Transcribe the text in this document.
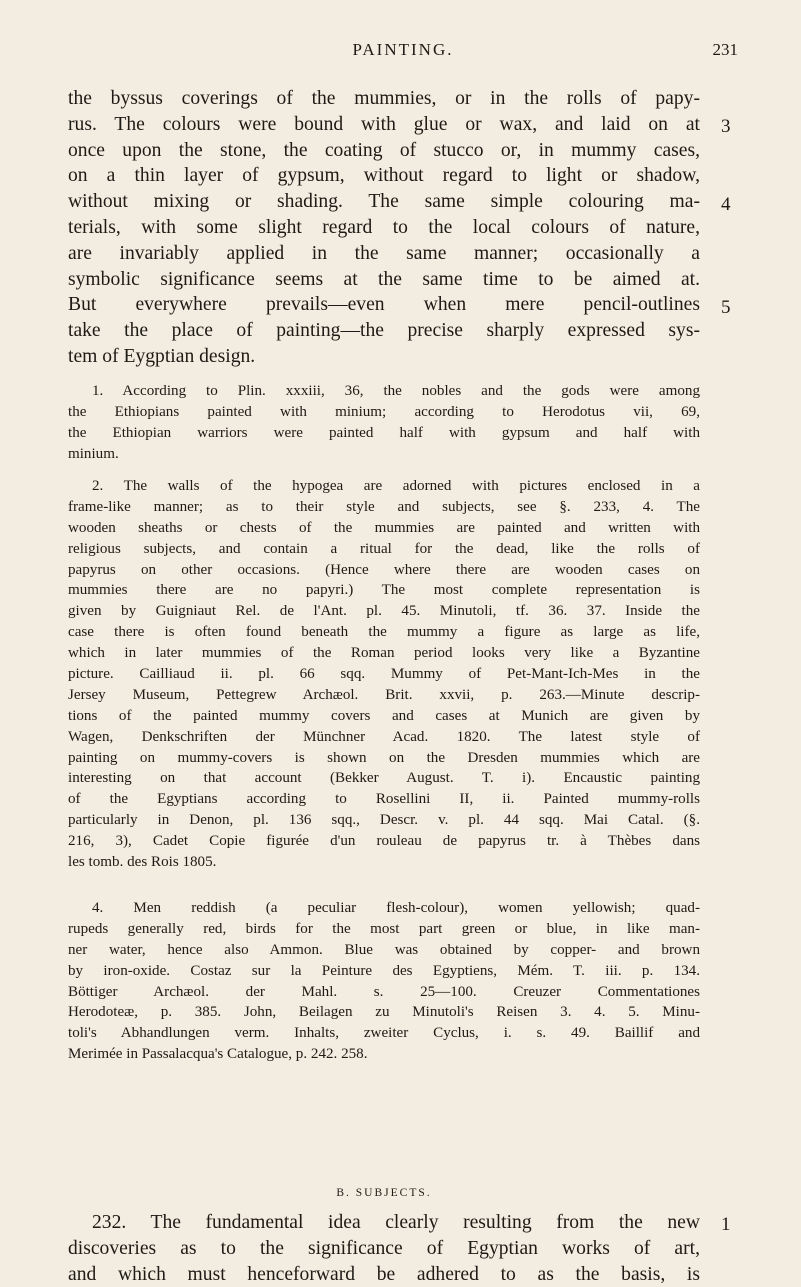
PAINTING.	231
the byssus coverings of the mummies, or in the rolls of papy-
rus. The colours were bound with glue or wax, and laid on at
once upon the stone, the coating of stucco or, in mummy cases,
on a thin layer of gypsum, without regard to light or shadow,
without mixing or shading. The same simple colouring ma-
terials, with some slight regard to the local colours of nature,
are invariably applied in the same manner; occasionally a
symbolic significance seems at the same time to be aimed at.
But everywhere prevails—even when mere pencil-outlines
take the place of painting—the precise sharply expressed sys-
tem of Eygptian design.
3
4
5
1. According to Plin. xxxiii, 36, the nobles and the gods were among
the Ethiopians painted with minium; according to Herodotus vii, 69,
the Ethiopian warriors were painted half with gypsum and half with
minium.
2. The walls of the hypogea are adorned with pictures enclosed in a
frame-like manner; as to their style and subjects, see §. 233, 4. The
wooden sheaths or chests of the mummies are painted and written with
religious subjects, and contain a ritual for the dead, like the rolls of
papyrus on other occasions. (Hence where there are wooden cases on
mummies there are no papyri.) The most complete representation is
given by Guigniaut Rel. de l'Ant. pl. 45. Minutoli, tf. 36. 37. Inside the
case there is often found beneath the mummy a figure as large as life,
which in later mummies of the Roman period looks very like a Byzantine
picture. Cailliaud ii. pl. 66 sqq. Mummy of Pet-Mant-Ich-Mes in the
Jersey Museum, Pettegrew Archæol. Brit. xxvii, p. 263.—Minute descrip-
tions of the painted mummy covers and cases at Munich are given by
Wagen, Denkschriften der Münchner Acad. 1820. The latest style of
painting on mummy-covers is shown on the Dresden mummies which are
interesting on that account (Bekker August. T. i). Encaustic painting
of the Egyptians according to Rosellini II, ii. Painted mummy-rolls
particularly in Denon, pl. 136 sqq., Descr. v. pl. 44 sqq. Mai Catal. (§.
216, 3), Cadet Copie figurée d'un rouleau de papyrus tr. à Thèbes dans
les tomb. des Rois 1805.
4. Men reddish (a peculiar flesh-colour), women yellowish; quad-
rupeds generally red, birds for the most part green or blue, in like man-
ner water, hence also Ammon. Blue was obtained by copper- and brown
by iron-oxide. Costaz sur la Peinture des Egyptiens, Mém. T. iii. p. 134.
Böttiger Archæol. der Mahl. s. 25—100. Creuzer Commentationes
Herodoteæ, p. 385. John, Beilagen zu Minutoli's Reisen 3. 4. 5. Minu-
toli's Abhandlungen verm. Inhalts, zweiter Cyclus, i. s. 49. Baillif and
Merimée in Passalacqua's Catalogue, p. 242. 258.
B. SUBJECTS.
232. The fundamental idea clearly resulting from the new
discoveries as to the significance of Egyptian works of art,
and which must henceforward be adhered to as the basis, is
1
